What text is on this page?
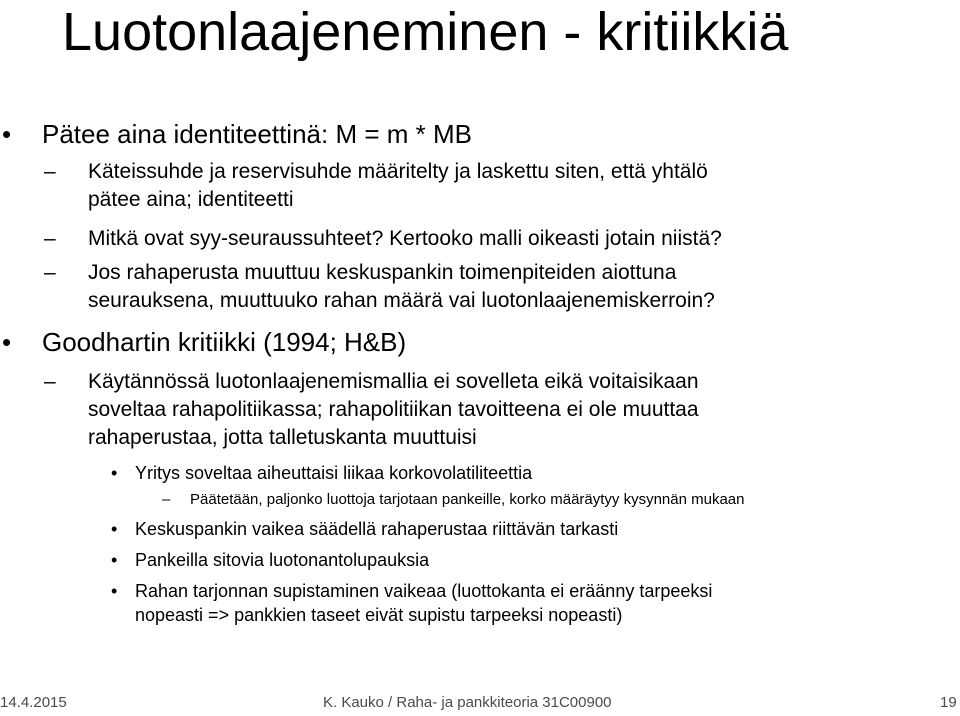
Luotonlaajeneminen - kritiikkiä
• Pätee aina identiteettinä: M = m * MB
– Käteissuhde ja reservisuhde määritelty ja laskettu siten, että yhtälö
pätee aina; identiteetti
– Mitkä ovat syy-seuraussuhteet? Kertooko malli oikeasti jotain niistä?
– Jos rahaperusta muuttuu keskuspankin toimenpiteiden aiottuna
seurauksena, muuttuuko rahan määrä vai luotonlaajenemiskerroin?
• Goodhartin kritiikki (1994; H&B)
– Käytännössä luotonlaajenemismallia ei sovelleta eikä voitaisikaan
soveltaa rahapolitiikassa; rahapolitiikan tavoitteena ei ole muuttaa
rahaperustaa, jotta talletuskanta muuttuisi
• Yritys soveltaa aiheuttaisi liikaa korkovolatiliteettia
– Päätetään, paljonko luottoja tarjotaan pankeille, korko määräytyy kysynnän mukaan
• Keskuspankin vaikea säädellä rahaperustaa riittävän tarkasti
• Pankeilla sitovia luotonantolupauksia
• Rahan tarjonnan supistaminen vaikeaa (luottokanta ei eräänny tarpeeksi
nopeasti => pankkien taseet eivät supistu tarpeeksi nopeasti)
14.4.2015	K. Kauko / Raha- ja pankkiteoria 31C00900	19
